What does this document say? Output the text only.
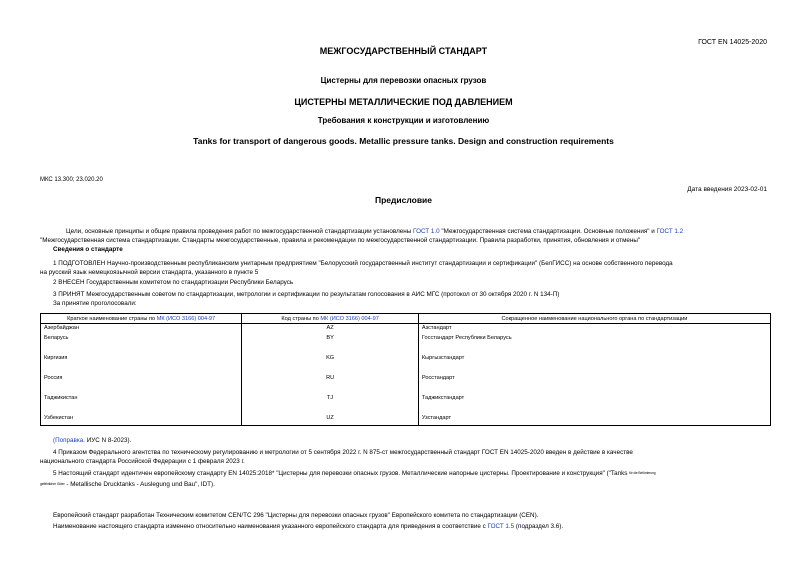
ГОСТ EN 14025-2020
МЕЖГОСУДАРСТВЕННЫЙ СТАНДАРТ
Цистерны для перевозки опасных грузов
ЦИСТЕРНЫ МЕТАЛЛИЧЕСКИЕ ПОД ДАВЛЕНИЕМ
Требования к конструкции и изготовлению
Tanks for transport of dangerous goods. Metallic pressure tanks. Design and construction requirements
МКС 13.300; 23.020.20
Дата введения 2023-02-01
Предисловие
Цели, основные принципы и общие правила проведения работ по межгосударственной стандартизации установлены ГОСТ 1.0 "Межгосударственная система стандартизации. Основные положения" и ГОСТ 1.2
"Межгосударственная система стандартизации. Стандарты межгосударственные, правила и рекомендации по межгосударственной стандартизации. Правила разработки, принятия, обновления и отмены"
Сведения о стандарте
1 ПОДГОТОВЛЕН Научно-производственным республиканским унитарным предприятием "Белорусский государственный институт стандартизации и сертификации" (БелГИСС) на основе собственного перевода
на русский язык немецкоязычной версии стандарта, указанного в пункте 5
2 ВНЕСЕН Государственным комитетом по стандартизации Республики Беларусь
3 ПРИНЯТ Межгосударственным советом по стандартизации, метрологии и сертификации по результатам голосования в АИС МГС (протокол от 30 октября 2020 г. N 134-П)
За принятие проголосовали:
Краткое наименование страны по МК (ИСО 3166) 004-97	Код страны по МК (ИСО 3166) 004-97	Сокращенное наименование национального органа по стандартизации
Азербайджан	AZ	Азстандарт
Беларусь	BY	Госстандарт Республики Беларусь
Киргизия	KG	Кыргызстандарт
Россия	RU	Росстандарт
Таджикистан	TJ	Таджикстандарт
Узбекистан	UZ	Узстандарт
(Поправка. ИУС N 8-2023).
4 Приказом Федерального агентства по техническому регулированию и метрологии от 5 сентября 2022 г. N 875-ст межгосударственный стандарт ГОСТ EN 14025-2020 введен в действие в качестве
национального стандарта Российской Федерации с 1 февраля 2023 г.
5 Настоящий стандарт идентичен европейскому стандарту EN 14025:2018* "Цистерны для перевозки опасных грузов. Металлические напорные цистерны. Проектирование и конструкция" ("Tanks für die Beförderung
gefährlicher Güter - Metallische Drucktanks - Auslegung und Bau", IDT).
Европейский стандарт разработан Техническим комитетом CEN/TC 296 "Цистерны для перевозки опасных грузов" Европейского комитета по стандартизации (CEN).
Наименование настоящего стандарта изменено относительно наименования указанного европейского стандарта для приведения в соответствие с ГОСТ 1.5 (подраздел 3.6).
